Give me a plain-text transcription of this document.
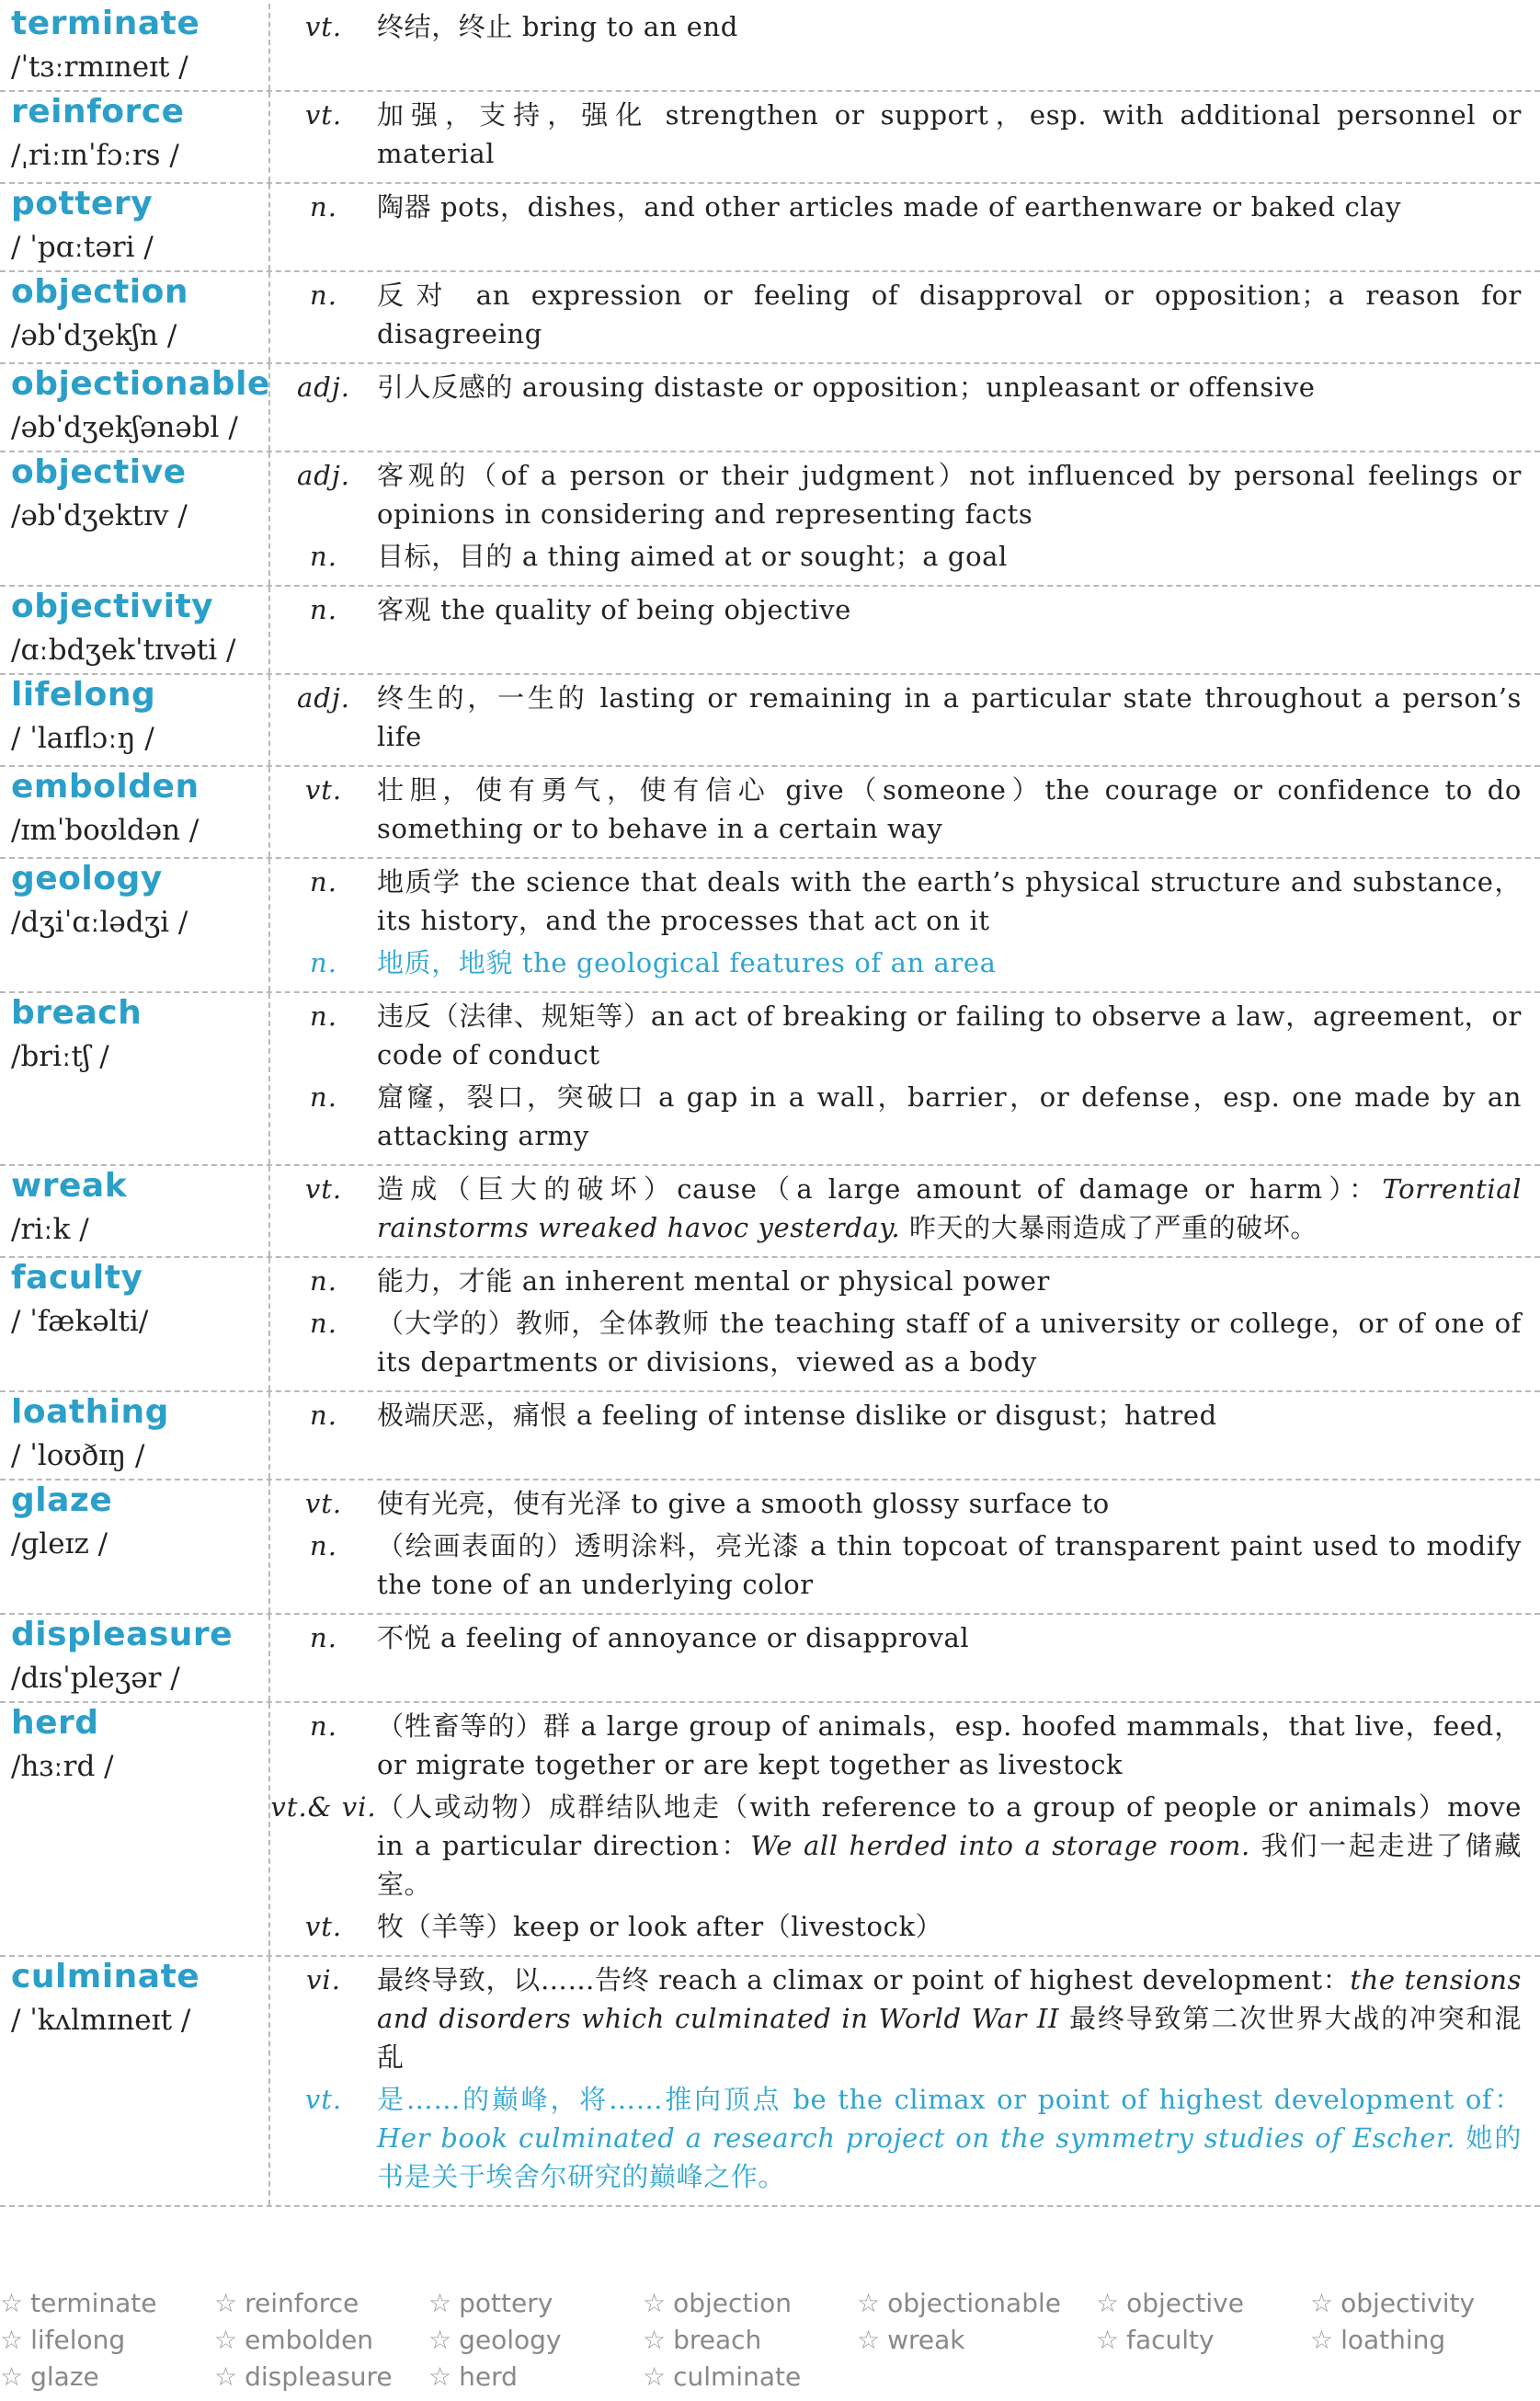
terminate
/ˈtɜːrmɪneɪt /
vt.	终结，终止 bring to an end
reinforce
/ˌriːɪnˈfɔːrs /
vt.	加强，支持，强化 strengthen or support，esp. with additional personnel or material
pottery
/ ˈpɑːtəri /
n.	陶器 pots，dishes，and other articles made of earthenware or baked clay
objection
/əbˈdʒekʃn /
n.	反对 an expression or feeling of disapproval or opposition；a reason for disagreeing
objectionable
/əbˈdʒekʃənəbl /
adj. 引人反感的 arousing distaste or opposition；unpleasant or offensive
objective
/əbˈdʒektɪv /
adj. 客观的（of a person or their judgment）not influenced by personal feelings or opinions in considering and representing facts
n.	目标，目的 a thing aimed at or sought；a goal
objectivity
/ɑːbdʒekˈtɪvəti /
n.	客观 the quality of being objective
lifelong
/ ˈlaɪflɔːŋ /
adj. 终生的，一生的 lasting or remaining in a particular state throughout a person’s life
embolden
/ɪmˈboʊldən /
vt.	壮胆，使有勇气，使有信心 give（someone）the courage or confidence to do something or to behave in a certain way
geology
/dʒiˈɑːlədʒi /
n.	地质学 the science that deals with the earth’s physical structure and substance，its history，and the processes that act on it
n.	地质，地貌 the geological features of an area
breach
/briːtʃ /
n.	违反（法律、规矩等）an act of breaking or failing to observe a law，agreement，or code of conduct
n.	窟窿，裂口，突破口 a gap in a wall，barrier，or defense，esp. one made by an attacking army
wreak
/riːk /
vt.	造成（巨大的破坏）cause（a large amount of damage or harm）：Torrential rainstorms wreaked havoc yesterday. 昨天的大暴雨造成了严重的破坏。
faculty
/ ˈfækəlti/
n.	能力，才能 an inherent mental or physical power
n.	（大学的）教师，全体教师 the teaching staff of a university or college，or of one of its departments or divisions，viewed as a body
loathing
/ ˈloʊðɪŋ /
n.	极端厌恶，痛恨 a feeling of intense dislike or disgust；hatred
glaze
/ɡleɪz /
vt.	使有光亮，使有光泽 to give a smooth glossy surface to
n.	（绘画表面的）透明涂料，亮光漆 a thin topcoat of transparent paint used to modify the tone of an underlying color
displeasure
/dɪsˈpleʒər /
n.	不悦 a feeling of annoyance or disapproval
herd
/hɜːrd /
n.	（牲畜等的）群 a large group of animals，esp. hoofed mammals，that live，feed，or migrate together or are kept together as livestock
vt.& vi. （人或动物）成群结队地走（with reference to a group of people or animals）move in a particular direction：We all herded into a storage room. 我们一起走进了储藏室。
vt.	牧（羊等）keep or look after（livestock）
culminate
/ ˈkʌlmɪneɪt /
vi.	最终导致，以……告终 reach a climax or point of highest development：the tensions and disorders which culminated in World War II 最终导致第二次世界大战的冲突和混乱
vt.	是……的巅峰，将……推向顶点 be the climax or point of highest development of：Her book culminated a research project on the symmetry studies of Escher. 她的书是关于埃舍尔研究的巅峰之作。
☆ terminate ☆ reinforce	☆ pottery	☆ objection	☆ objectionable ☆ objective	☆ objectivity
☆ lifelong	☆ embolden ☆ geology	☆ breach	☆ wreak	☆ faculty	☆ loathing
☆ glaze	☆ displeasure ☆ herd	☆ culminate
